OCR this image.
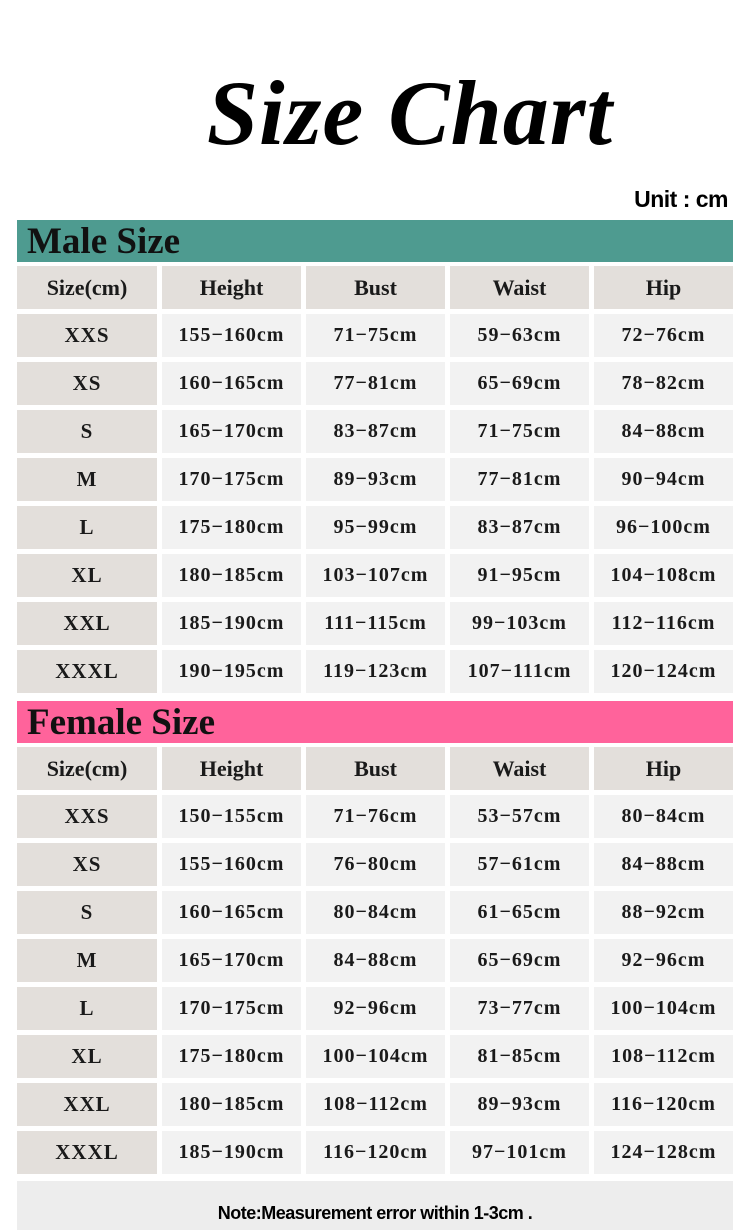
Size Chart
Unit : cm
Male Size
Size(cm)	Height	Bust	Waist	Hip
XXS	155−160cm	71−75cm	59−63cm	72−76cm
XS	160−165cm	77−81cm	65−69cm	78−82cm
S	165−170cm	83−87cm	71−75cm	84−88cm
M	170−175cm	89−93cm	77−81cm	90−94cm
L	175−180cm	95−99cm	83−87cm	96−100cm
XL	180−185cm	103−107cm	91−95cm	104−108cm
XXL	185−190cm	111−115cm	99−103cm	112−116cm
XXXL	190−195cm	119−123cm	107−111cm	120−124cm
Female Size
Size(cm)	Height	Bust	Waist	Hip
XXS	150−155cm	71−76cm	53−57cm	80−84cm
XS	155−160cm	76−80cm	57−61cm	84−88cm
S	160−165cm	80−84cm	61−65cm	88−92cm
M	165−170cm	84−88cm	65−69cm	92−96cm
L	170−175cm	92−96cm	73−77cm	100−104cm
XL	175−180cm	100−104cm	81−85cm	108−112cm
XXL	180−185cm	108−112cm	89−93cm	116−120cm
XXXL	185−190cm	116−120cm	97−101cm	124−128cm
Note:Measurement error within 1-3cm .
